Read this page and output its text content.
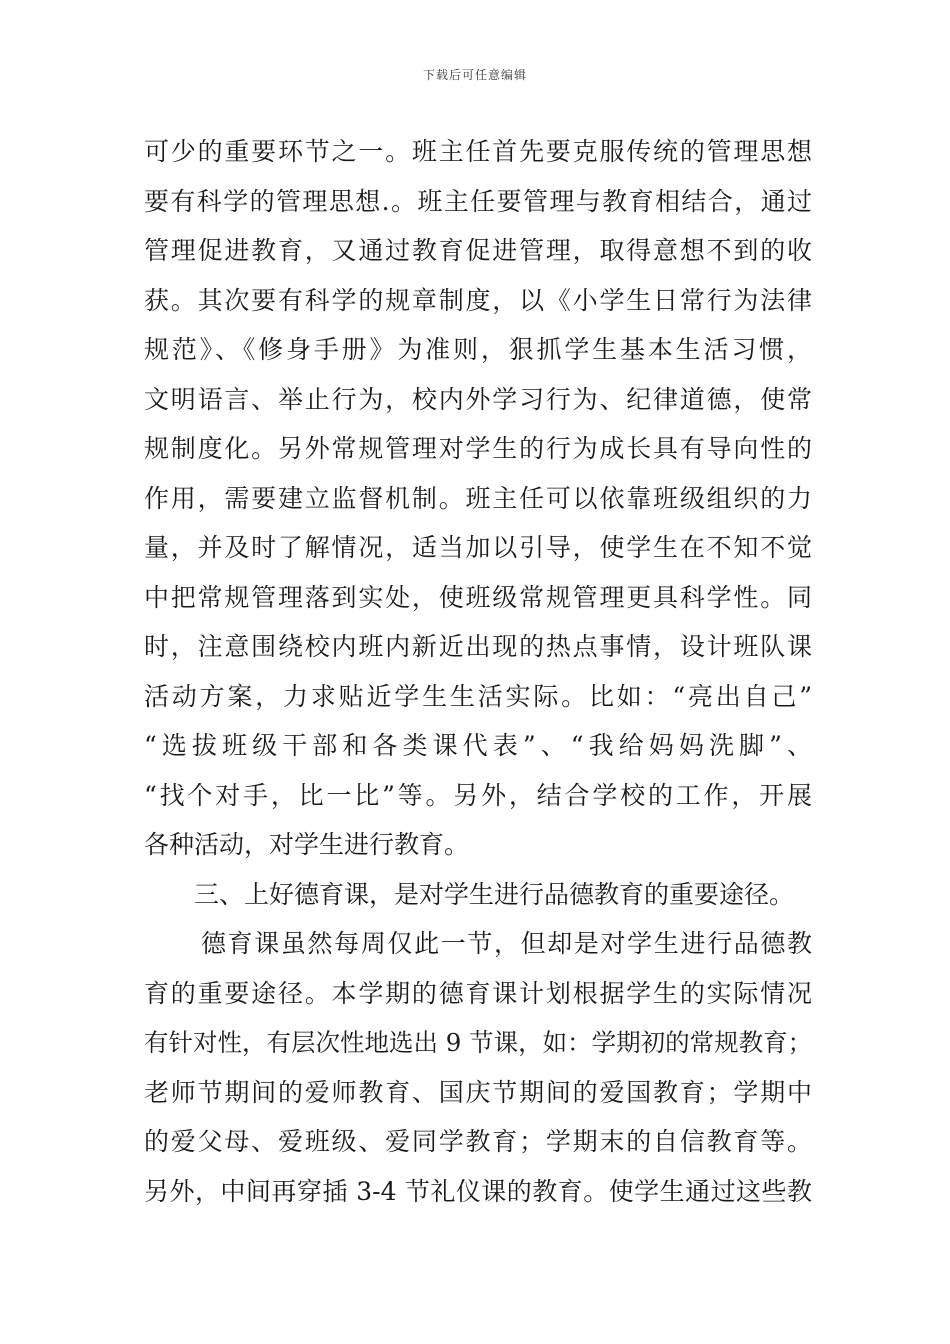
下载后可任意编辑
可少的重要环节之一。班主任首先要克服传统的管理思想
要有科学的管理思想.。班主任要管理与教育相结合，通过
管理促进教育，又通过教育促进管理，取得意想不到的收
获。其次要有科学的规章制度，以《小学生日常行为法律
规范》、《修身手册》为准则，狠抓学生基本生活习惯，
文明语言、举止行为，校内外学习行为、纪律道德，使常
规制度化。另外常规管理对学生的行为成长具有导向性的
作用，需要建立监督机制。班主任可以依靠班级组织的力
量，并及时了解情况，适当加以引导，使学生在不知不觉
中把常规管理落到实处，使班级常规管理更具科学性。同
时，注意围绕校内班内新近出现的热点事情，设计班队课
活动方案，力求贴近学生生活实际。比如：“亮出自己”
“选拔班级干部和各类课代表”、“我给妈妈洗脚”、
“找个对手，比一比”等。另外，结合学校的工作，开展
各种活动，对学生进行教育。
三、上好德育课，是对学生进行品德教育的重要途径。
德育课虽然每周仅此一节，但却是对学生进行品德教
育的重要途径。本学期的德育课计划根据学生的实际情况
有针对性，有层次性地选出 9 节课，如：学期初的常规教育；
老师节期间的爱师教育、国庆节期间的爱国教育；学期中
的爱父母、爱班级、爱同学教育；学期末的自信教育等。
另外，中间再穿插 3-4 节礼仪课的教育。使学生通过这些教
